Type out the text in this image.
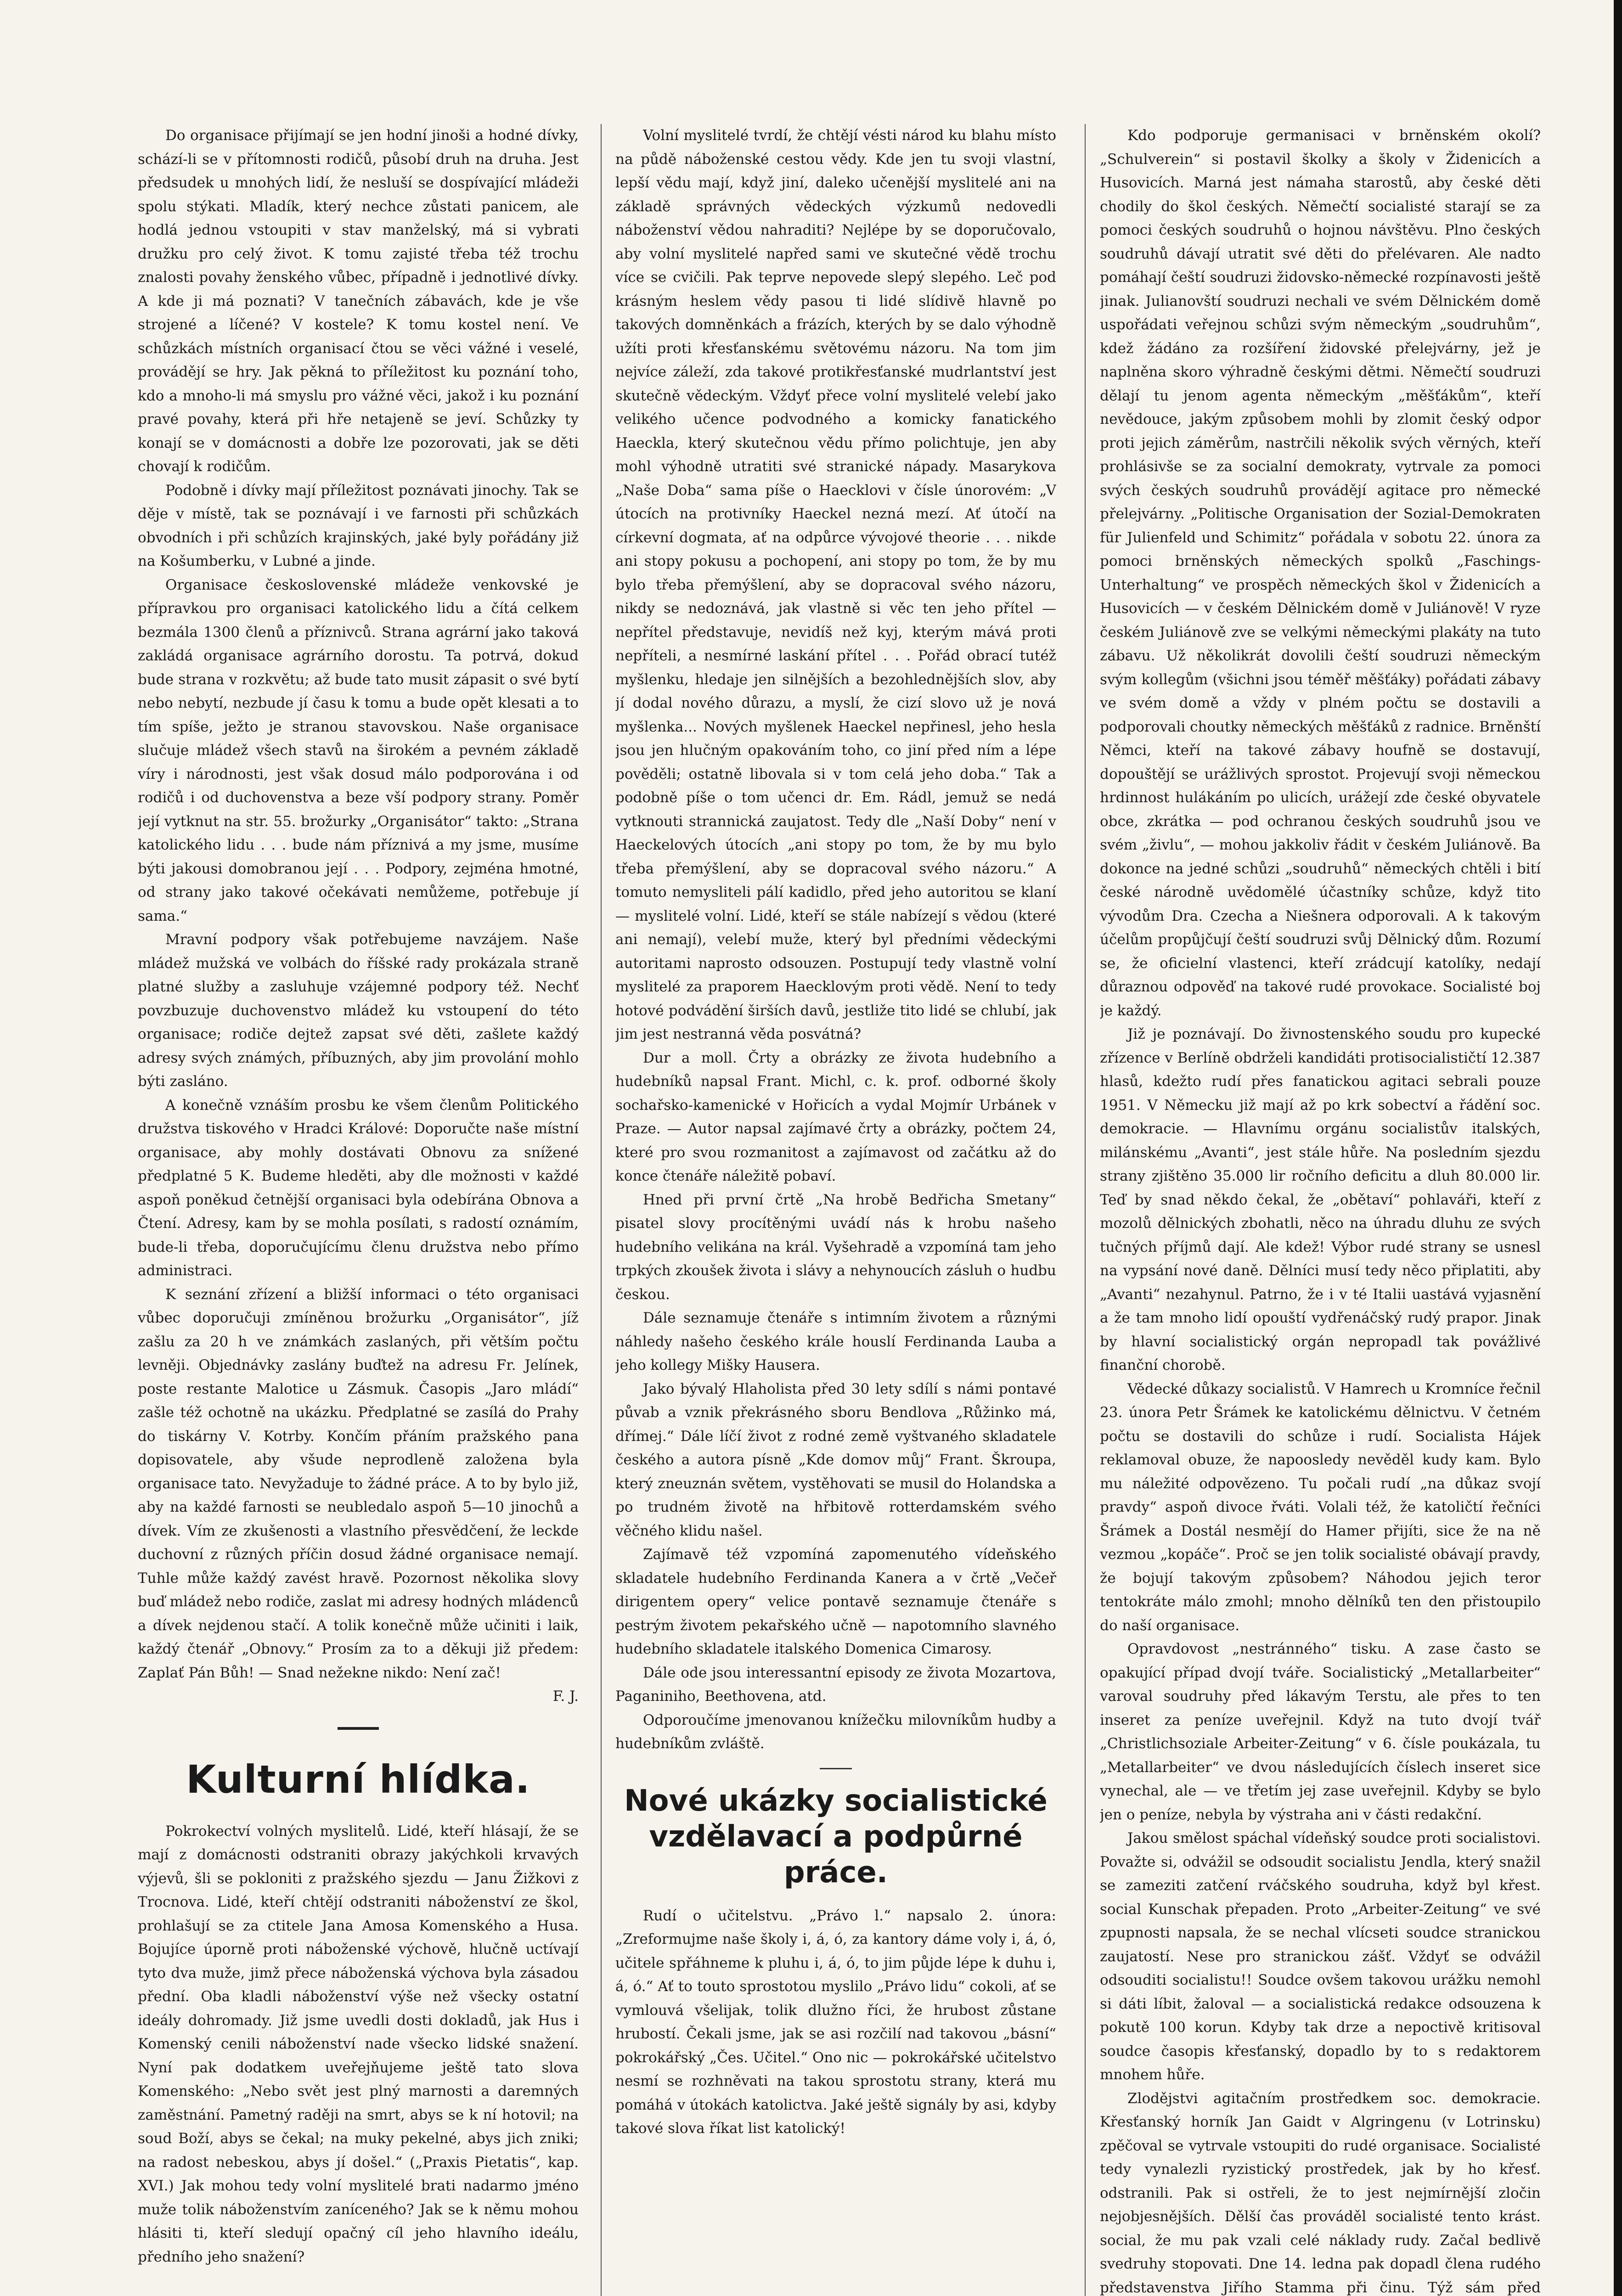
Do organisace přijímají se jen hodní jinoši a hodné dívky, schází-li se v přítomnosti rodičů, působí druh na druha. Jest předsudek u mnohých lidí, že nesluší se dospívající mládeži spolu stýkati. Mladík, který nechce zůstati panicem, ale hodlá jednou vstoupiti v stav manželský, má si vybrati družku pro celý život. K tomu zajisté třeba též trochu znalosti povahy ženského vůbec, případně i jednotlivé dívky. A kde ji má poznati? V tanečních zábavách, kde je vše strojené a líčené? V kostele? K tomu kostel není. Ve schůzkách místních organisací čtou se věci vážné i veselé, provádějí se hry. Jak pěkná to příležitost ku poznání toho, kdo a mnoho-li má smyslu pro vážné věci, jakož i ku poznání pravé povahy, která při hře netajeně se jeví. Schůzky ty konají se v domácnosti a dobře lze pozorovati, jak se děti chovají k rodičům.

Podobně i dívky mají příležitost poznávati jinochy. Tak se děje v místě, tak se poznávají i ve farnosti při schůzkách obvodních i při schůzích krajinských, jaké byly pořádány již na Košumberku, v Lubné a jinde.

Organisace československé mládeže venkovské je přípravkou pro organisaci katolického lidu a čítá celkem bezmála 1300 členů a příznivců. Strana agrární jako taková zakládá organisace agrárního dorostu. Ta potrvá, dokud bude strana v rozkvětu; až bude tato musit zápasit o své bytí nebo nebytí, nezbude jí času k tomu a bude opět klesati a to tím spíše, ježto je stranou stavovskou. Naše organisace slučuje mládež všech stavů na širokém a pevném základě víry i národnosti, jest však dosud málo podporována i od rodičů i od duchovenstva a beze vší podpory strany. Poměr její vytknut na str. 55. brožurky „Organisátor“ takto: „Strana katolického lidu . . . bude nám příznivá a my jsme, musíme býti jakousi domobranou její . . . Podpory, zejména hmotné, od strany jako takové očekávati nemůžeme, potřebuje jí sama.“

Mravní podpory však potřebujeme navzájem. Naše mládež mužská ve volbách do říšské rady prokázala straně platné služby a zasluhuje vzájemné podpory též. Nechť povzbuzuje duchovenstvo mládež ku vstoupení do této organisace; rodiče dejtež zapsat své děti, zašlete každý adresy svých známých, příbuzných, aby jim provolání mohlo býti zasláno.

A konečně vznáším prosbu ke všem členům Politického družstva tiskového v Hradci Králové: Doporučte naše místní organisace, aby mohly dostávati Obnovu za snížené předplatné 5 K. Budeme hleděti, aby dle možnosti v každé aspoň poněkud četnější organisaci byla odebírána Obnova a Čtení. Adresy, kam by se mohla posílati, s radostí oznámím, bude-li třeba, doporučujícímu členu družstva nebo přímo administraci.

K seznání zřízení a bližší informaci o této organisaci vůbec doporučuji zmíněnou brožurku „Organisátor“, jíž zašlu za 20 h ve známkách zaslaných, při větším počtu levněji. Objednávky zaslány buďtež na adresu Fr. Jelínek, poste restante Malotice u Zásmuk. Časopis „Jaro mládí“ zašle též ochotně na ukázku. Předplatné se zasílá do Prahy do tiskárny V. Kotrby. Končím přáním pražského pana dopisovatele, aby všude neprodleně založena byla organisace tato. Nevyžaduje to žádné práce. A to by bylo již, aby na každé farnosti se neubledalo aspoň 5—10 jinochů a dívek. Vím ze zkušenosti a vlastního přesvědčení, že leckde duchovní z různých příčin dosud žádné organisace nemají. Tuhle může každý zavést hravě. Pozornost několika slovy buď mládež nebo rodiče, zaslat mi adresy hodných mládenců a dívek nejdenou stačí. A tolik konečně může učiniti i laik, každý čtenář „Obnovy.“ Prosím za to a děkuji již předem: Zaplať Pán Bůh! — Snad nežekne nikdo: Není zač!

F. J.

Kulturní hlídka.

Pokrokectví volných myslitelů. Lidé, kteří hlásají, že se mají z domácnosti odstraniti obrazy jakýchkoli krvavých výjevů, šli se pokloniti z pražského sjezdu — Janu Žižkovi z Trocnova. Lidé, kteří chtějí odstraniti náboženství ze škol, prohlašují se za ctitele Jana Amosa Komenského a Husa. Bojujíce úporně proti náboženské výchově, hlučně uctívají tyto dva muže, jimž přece náboženská výchova byla zásadou přední. Oba kladli náboženství výše než všecky ostatní ideály dohromady. Již jsme uvedli dosti dokladů, jak Hus i Komenský cenili náboženství nade všecko lidské snažení. Nyní pak dodatkem uveřejňujeme ještě tato slova Komenského: „Nebo svět jest plný marnosti a daremných zaměstnání. Pametný raději na smrt, abys se k ní hotovil; na soud Boží, abys se čekal; na muky pekelné, abys jich zniki; na radost nebeskou, abys jí došel.“ („Praxis Pietatis“, kap. XVI.) Jak mohou tedy volní myslitelé brati nadarmo jméno muže tolik náboženstvím zaníceného? Jak se k němu mohou hlásiti ti, kteří sledují opačný cíl jeho hlavního ideálu, předního jeho snažení?

Volní myslitelé tvrdí, že chtějí vésti národ ku blahu místo na půdě náboženské cestou vědy. Kde jen tu svoji vlastní, lepší vědu mají, když jiní, daleko učenější myslitelé ani na základě správných vědeckých výzkumů nedovedli náboženství vědou nahraditi? Nejlépe by se doporučovalo, aby volní myslitelé napřed sami ve skutečné vědě trochu více se cvičili. Pak teprve nepovede slepý slepého. Leč pod krásným heslem vědy pasou ti lidé slídivě hlavně po takových domněnkách a frázích, kterých by se dalo výhodně užíti proti křesťanskému světovému názoru. Na tom jim nejvíce záleží, zda takové protikřesťanské mudrlantství jest skutečně vědeckým. Vždyť přece volní myslitelé velebí jako velikého učence podvodného a komicky fanatického Haeckla, který skutečnou vědu přímo polichtuje, jen aby mohl výhodně utratiti své stranické nápady. Masarykova „Naše Doba“ sama píše o Haecklovi v čísle únorovém: „V útocích na protivníky Haeckel nezná mezí. Ať útočí na církevní dogmata, ať na odpůrce vývojové theorie . . . nikde ani stopy pokusu a pochopení, ani stopy po tom, že by mu bylo třeba přemýšlení, aby se dopracoval svého názoru, nikdy se nedoznává, jak vlastně si věc ten jeho přítel — nepřítel představuje, nevidíš než kyj, kterým mává proti nepříteli, a nesmírné laskání přítel . . . Pořád obrací tutéž myšlenku, hledaje jen silnějších a bezohlednějších slov, aby jí dodal nového důrazu, a myslí, že cizí slovo už je nová myšlenka... Nových myšlenek Haeckel nepřinesl, jeho hesla jsou jen hlučným opakováním toho, co jiní před ním a lépe pověděli; ostatně libovala si v tom celá jeho doba.“ Tak a podobně píše o tom učenci dr. Em. Rádl, jemuž se nedá vytknouti strannická zaujatost. Tedy dle „Naší Doby“ není v Haeckelových útocích „ani stopy po tom, že by mu bylo třeba přemýšlení, aby se dopracoval svého názoru.“ A tomuto nemysliteli pálí kadidlo, před jeho autoritou se klaní — myslitelé volní. Lidé, kteří se stále nabízejí s vědou (které ani nemají), velebí muže, který byl předními vědeckými autoritami naprosto odsouzen. Postupují tedy vlastně volní myslitelé za praporem Haecklovým proti vědě. Není to tedy hotové podvádění širších davů, jestliže tito lidé se chlubí, jak jim jest nestranná věda posvátná?

Dur a moll. Črty a obrázky ze života hudebního a hudebníků napsal Frant. Michl, c. k. prof. odborné školy sochařsko-kamenické v Hořicích a vydal Mojmír Urbánek v Praze. — Autor napsal zajímavé črty a obrázky, počtem 24, které pro svou rozmanitost a zajímavost od začátku až do konce čtenáře náležitě pobaví.

Hned při první črtě „Na hrobě Bedřicha Smetany“ pisatel slovy procítěnými uvádí nás k hrobu našeho hudebního velikána na král. Vyšehradě a vzpomíná tam jeho trpkých zkoušek života i slávy a nehynoucích zásluh o hudbu českou.

Dále seznamuje čtenáře s intimním životem a různými náhledy našeho českého krále houslí Ferdinanda Lauba a jeho kollegy Mišky Hausera.

Jako bývalý Hlaholista před 30 lety sdílí s námi pontavé půvab a vznik překrásného sboru Bendlova „Růžinko má, dřímej.“ Dále líčí život z rodné země vyštvaného skladatele českého a autora písně „Kde domov můj“ Frant. Škroupa, který zneuznán světem, vystěhovati se musil do Holandska a po trudném životě na hřbitově rotterdamském svého věčného klidu našel.

Zajímavě též vzpomíná zapomenutého vídeňského skladatele hudebního Ferdinanda Kanera a v črtě „Večeř dirigentem opery“ velice pontavě seznamuje čtenáře s pestrým životem pekařského učně — napotomního slavného hudebního skladatele italského Domenica Cimarosy.

Dále ode jsou interessantní episody ze života Mozartova, Paganiniho, Beethovena, atd.

Odporoučíme jmenovanou knížečku milovníkům hudby a hudebníkům zvláště.

Nové ukázky socialistické vzdělavací a podpůrné práce.

Rudí o učitelstvu. „Právo l.“ napsalo 2. února: „Zreformujme naše školy i, á, ó, za kantory dáme voly i, á, ó, učitele spřáhneme k pluhu i, á, ó, to jim půjde lépe k duhu i, á, ó.“ Ať to touto sprostotou myslilo „Právo lidu“ cokoli, ať se vymlouvá všelijak, tolik dlužno říci, že hrubost zůstane hrubostí. Čekali jsme, jak se asi rozčilí nad takovou „básní“ pokrokářský „Čes. Učitel.“ Ono nic — pokrokářské učitelstvo nesmí se rozhněvati na takou sprostotu strany, která mu pomáhá v útokách katolictva. Jaké ještě signály by asi, kdyby takové slova říkat list katolický!

Kdo podporuje germanisaci v brněnském okolí? „Schulverein“ si postavil školky a školy v Židenicích a Husovicích. Marná jest námaha starostů, aby české děti chodily do škol českých. Němečtí socialisté starají se za pomoci českých soudruhů o hojnou návštěvu. Plno českých soudruhů dávají utratit své děti do přelévaren. Ale nadto pomáhají čeští soudruzi židovsko-německé rozpínavosti ještě jinak. Julianovští soudruzi nechali ve svém Dělnickém domě uspořádati veřejnou schůzi svým německým „soudruhům“, kdež žádáno za rozšíření židovské přelejvárny, jež je naplněna skoro výhradně českými dětmi. Němečtí soudruzi dělají tu jenom agenta německým „měšťákům“, kteří nevědouce, jakým způsobem mohli by zlomit český odpor proti jejich záměrům, nastrčili několik svých věrných, kteří prohlásivše se za socialní demokraty, vytrvale za pomoci svých českých soudruhů provádějí agitace pro německé přelejvárny. „Politische Organisation der Sozial-Demokraten für Julienfeld und Schimitz“ pořádala v sobotu 22. února za pomoci brněnských německých spolků „Faschings-Unterhaltung“ ve prospěch německých škol v Židenicích a Husovicích — v českém Dělnickém domě v Juliánově! V ryze českém Juliánově zve se velkými německými plakáty na tuto zábavu. Už několikrát dovolili čeští soudruzi německým svým kollegům (všichni jsou téměř měšťáky) pořádati zábavy ve svém domě a vždy v plném počtu se dostavili a podporovali choutky německých měšťáků z radnice. Brněnští Němci, kteří na takové zábavy houfně se dostavují, dopouštějí se urážlivých sprostot. Projevují svoji německou hrdinnost hulákáním po ulicích, urážejí zde české obyvatele obce, zkrátka — pod ochranou českých soudruhů jsou ve svém „živlu“, — mohou jakkoliv řádit v českém Juliánově. Ba dokonce na jedné schůzi „soudruhů“ německých chtěli i bití české národně uvědomělé účastníky schůze, když tito vývodům Dra. Czecha a Niešnera odporovali. A k takovým účelům propůjčují čeští soudruzi svůj Dělnický dům. Rozumí se, že oficielní vlastenci, kteří zrádcují katolíky, nedají důraznou odpověď na takové rudé provokace. Socialisté boj je každý.

Již je poznávají. Do živnostenského soudu pro kupecké zřízence v Berlíně obdrželi kandidáti protisocialističtí 12.387 hlasů, kdežto rudí přes fanatickou agitaci sebrali pouze 1951. V Německu již mají až po krk sobectví a řádění soc. demokracie. — Hlavnímu orgánu socialistův italských, milánskému „Avanti“, jest stále hůře. Na posledním sjezdu strany zjištěno 35.000 lir ročního deficitu a dluh 80.000 lir. Teď by snad někdo čekal, že „obětaví“ pohlaváři, kteří z mozolů dělnických zbohatli, něco na úhradu dluhu ze svých tučných příjmů dají. Ale kdež! Výbor rudé strany se usnesl na vypsání nové daně. Dělníci musí tedy něco připlatiti, aby „Avanti“ nezahynul. Patrno, že i v té Italii uastává vyjasnění a že tam mnoho lidí opouští vydřenáčský rudý prapor. Jinak by hlavní socialistický orgán nepropadl tak povážlivé finanční chorobě.

Vědecké důkazy socialistů. V Hamrech u Kromníce řečnil 23. února Petr Šrámek ke katolickému dělnictvu. V četném počtu se dostavili do schůze i rudí. Socialista Hájek reklamoval obuze, že napoosledy nevěděl kudy kam. Bylo mu náležité odpovězeno. Tu počali rudí „na důkaz svojí pravdy“ aspoň divoce řváti. Volali též, že katoličtí řečníci Šrámek a Dostál nesmějí do Hamer přijíti, sice že na ně vezmou „kopáče“. Proč se jen tolik socialisté obávají pravdy, že bojují takovým způsobem? Náhodou jejich teror tentokráte málo zmohl; mnoho dělníků ten den přistoupilo do naší organisace.

Opravdovost „nestránného“ tisku. A zase často se opakující případ dvojí tváře. Socialistický „Metallarbeiter“ varoval soudruhy před lákavým Terstu, ale přes to ten inseret za peníze uveřejnil. Když na tuto dvojí tvář „Christlichsoziale Arbeiter-Zeitung“ v 6. čísle poukázala, tu „Metallarbeiter“ ve dvou následujících číslech inseret sice vynechal, ale — ve třetím jej zase uveřejnil. Kdyby se bylo jen o peníze, nebyla by výstraha ani v části redakční.

Jakou smělost spáchal vídeňský soudce proti socialistovi. Považte si, odvážil se odsoudit socialistu Jendla, který snažil se zameziti zatčení rváčského soudruha, když byl křest. social Kunschak přepaden. Proto „Arbeiter-Zeitung“ ve své zpupnosti napsala, že se nechal vlícseti soudce stranickou zaujatostí. Nese pro stranickou zášť. Vždyť se odvážil odsouditi socialistu!! Soudce ovšem takovou urážku nemohl si dáti líbit, žaloval — a socialistická redakce odsouzena k pokutě 100 korun. Kdyby tak drze a nepoctivě kritisoval soudce časopis křesťanský, dopadlo by to s redaktorem mnohem hůře.

Zlodějstvi agitačním prostředkem soc. demokracie. Křesťanský horník Jan Gaidt v Algringenu (v Lotrinsku) zpěčoval se vytrvale vstoupiti do rudé organisace. Socialisté tedy vynalezli ryzistický prostředek, jak by ho křesť. odstranili. Pak si ostřeli, že to jest nejmírnější zločin nejobjesnějších. Dělší čas prováděl socialisté tento krást. social, že mu pak vzali celé náklady rudy. Začal bedlivě svedruhy stopovati. Dne 14. ledna pak dopadl člena rudého představenstva Jiřího Stamma při činu. Týž sám před
